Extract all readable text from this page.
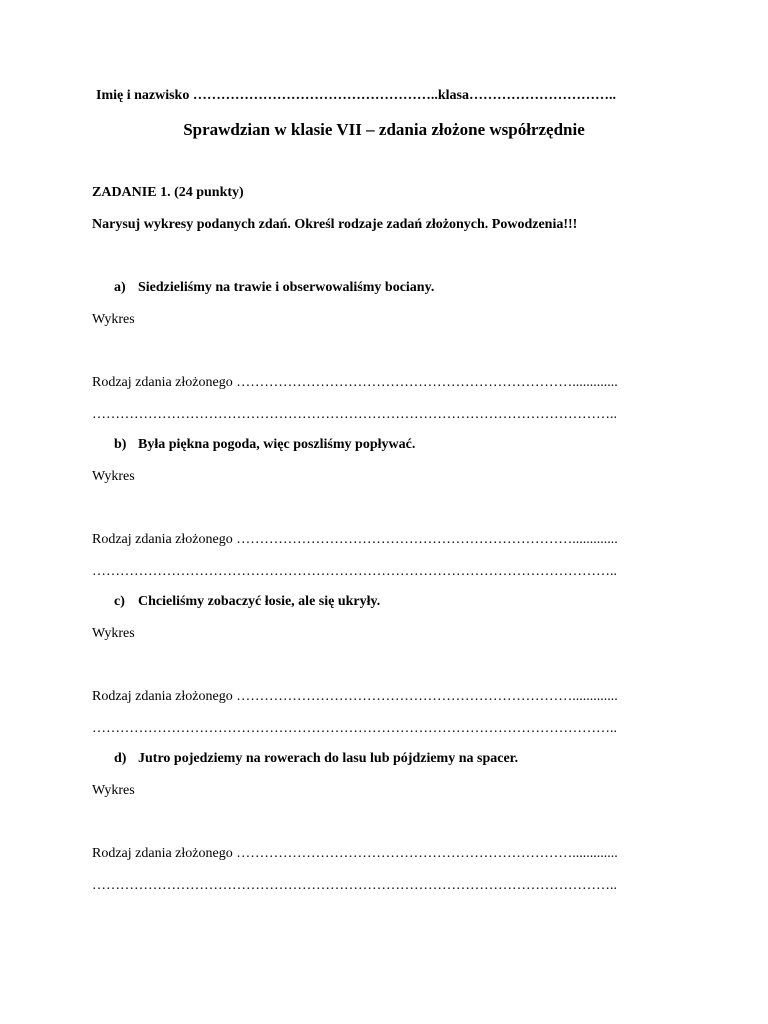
Imię i nazwisko ……………………………………………..klasa…………………………..
Sprawdzian w klasie VII – zdania złożone współrzędnie
ZADANIE 1. (24 punkty)
Narysuj wykresy podanych zdań. Określ rodzaje zadań złożonych. Powodzenia!!!
a) Siedzieliśmy na trawie i obserwowaliśmy bociany.
Wykres
Rodzaj zdania złożonego ……………………………………………………………….............
…………………………………………………………………………………………………..
b) Była piękna pogoda, więc poszliśmy popływać.
Wykres
Rodzaj zdania złożonego ……………………………………………………………….............
…………………………………………………………………………………………………..
c) Chcieliśmy zobaczyć łosie, ale się ukryły.
Wykres
Rodzaj zdania złożonego ……………………………………………………………….............
…………………………………………………………………………………………………..
d) Jutro pojedziemy na rowerach do lasu lub pójdziemy na spacer.
Wykres
Rodzaj zdania złożonego ……………………………………………………………….............
…………………………………………………………………………………………………..
